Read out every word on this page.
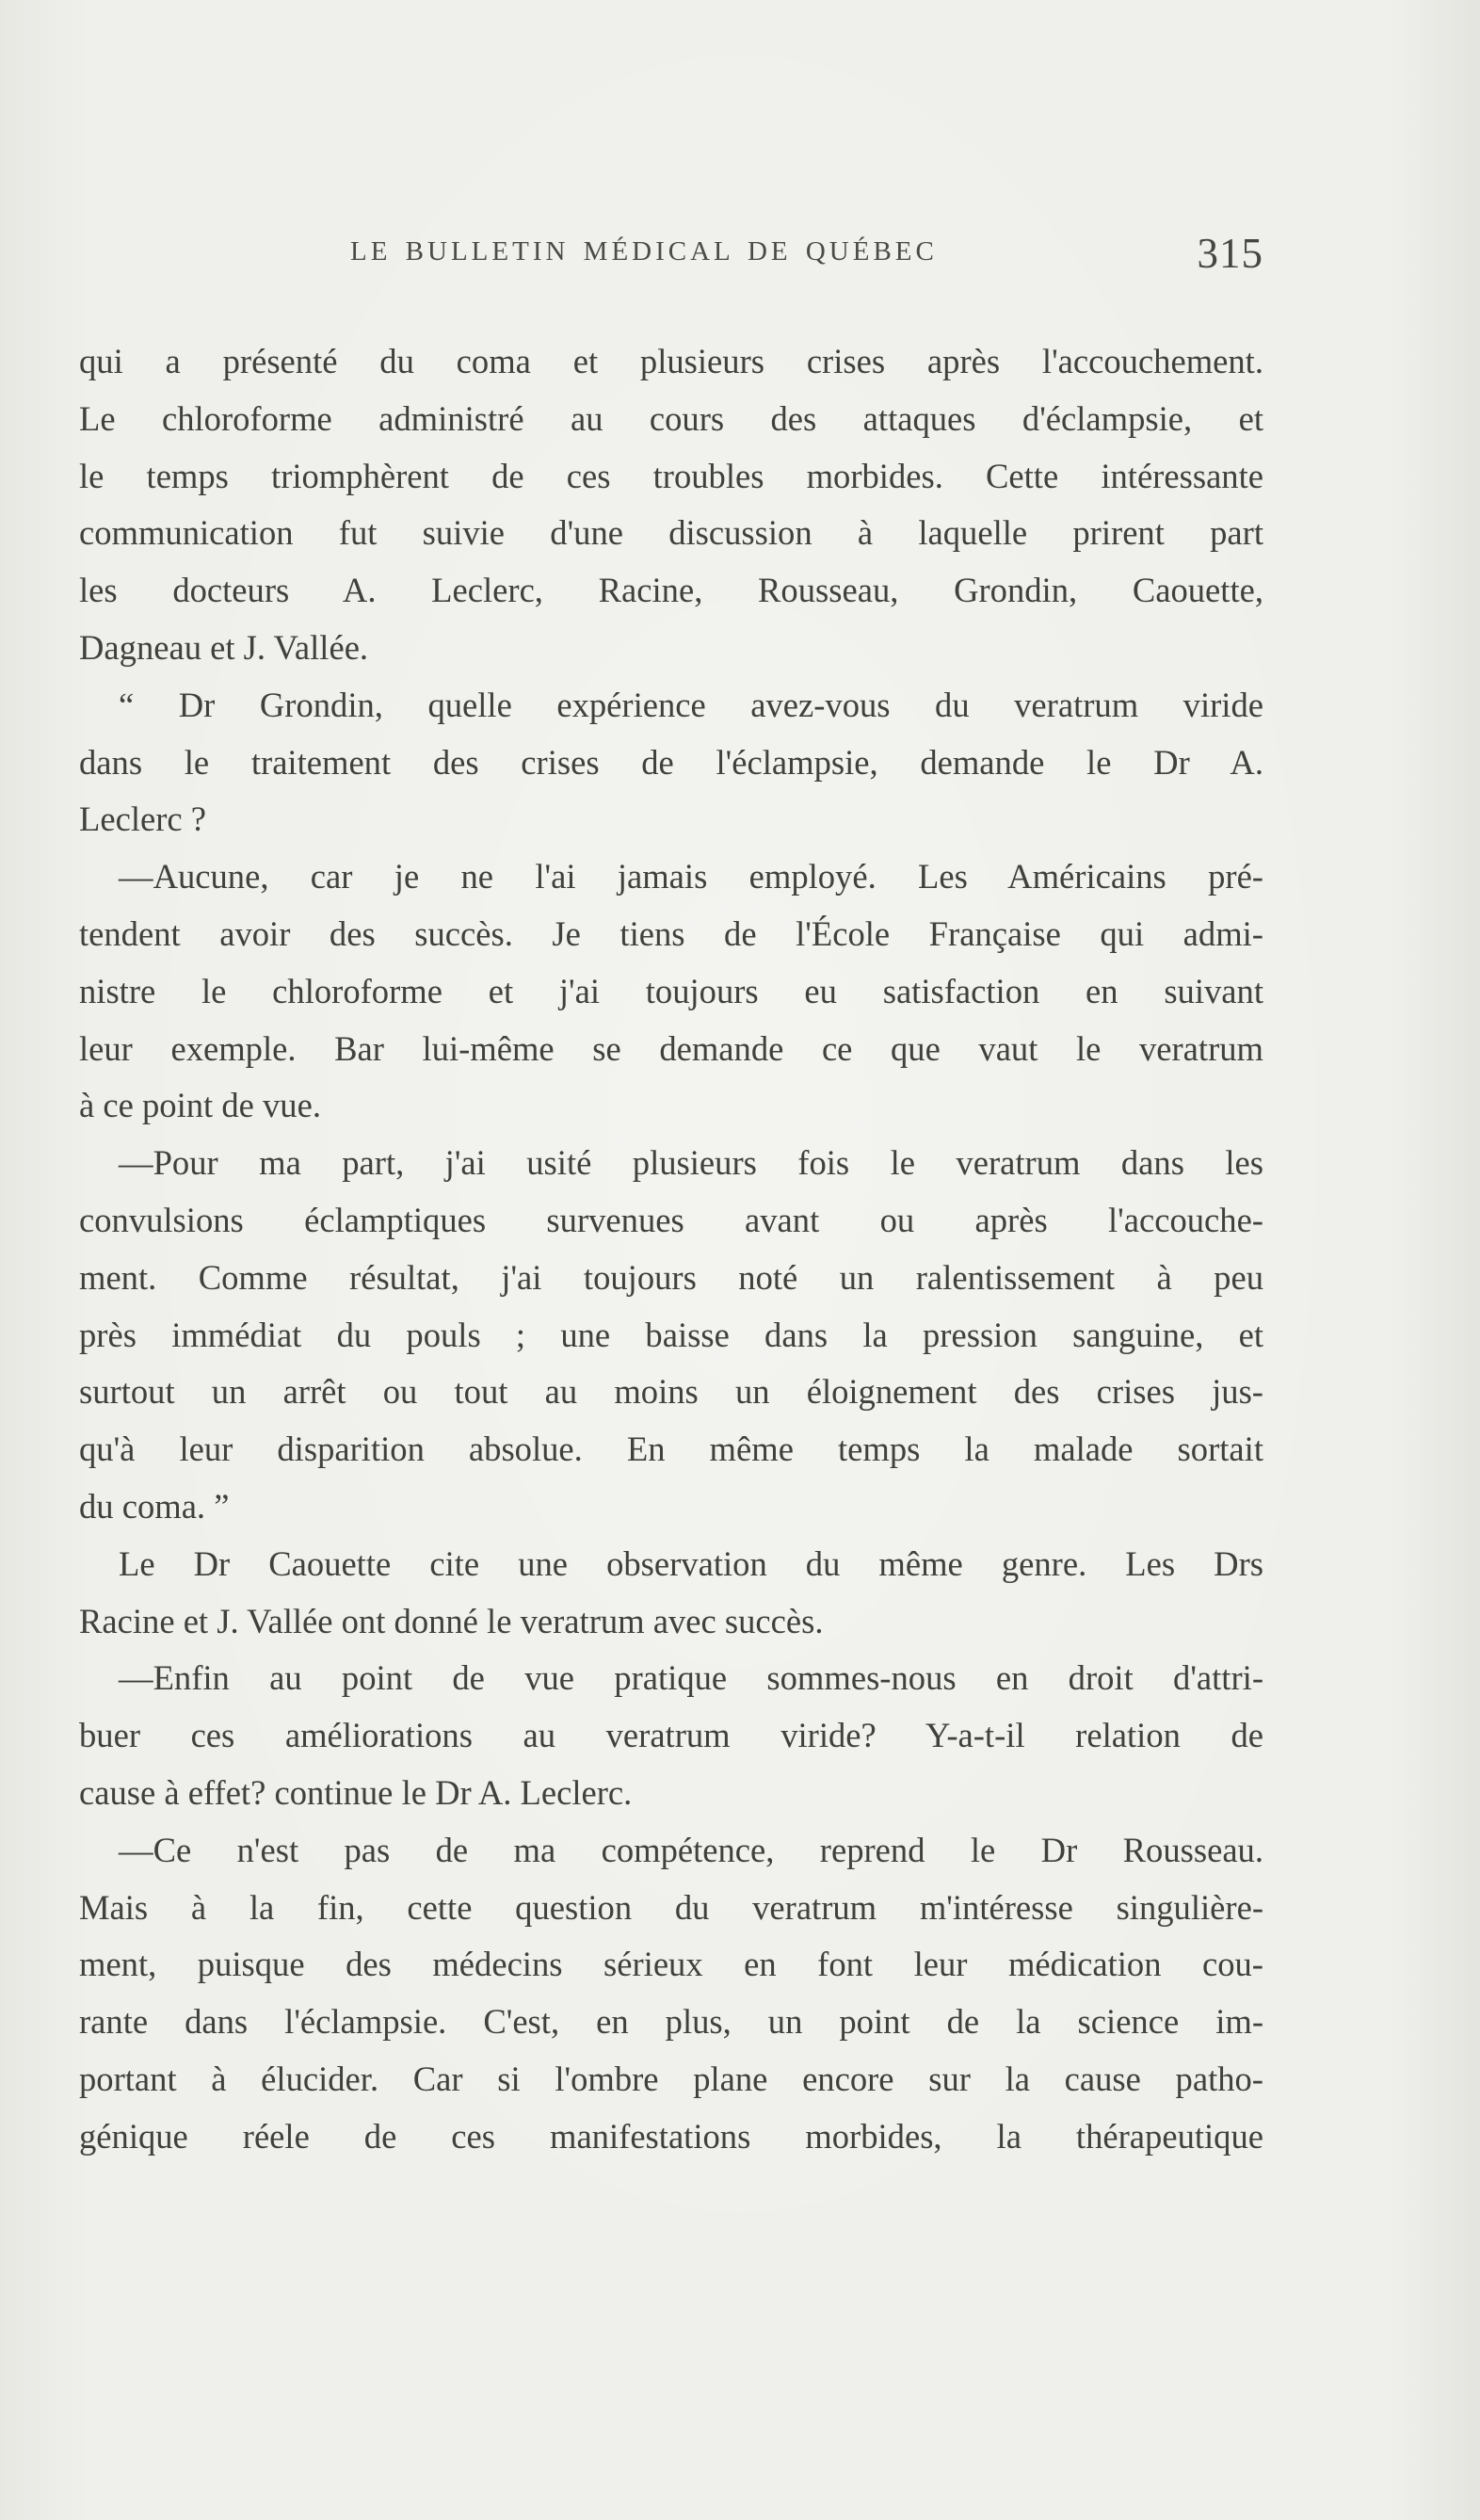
LE BULLETIN MÉDICAL DE QUÉBEC	315
qui a présenté du coma et plusieurs crises après l'accouchement.
Le chloroforme administré au cours des attaques d'éclampsie, et
le temps triomphèrent de ces troubles morbides. Cette intéressante
communication fut suivie d'une discussion à laquelle prirent part
les docteurs A. Leclerc, Racine, Rousseau, Grondin, Caouette,
Dagneau et J. Vallée.
“ Dr Grondin, quelle expérience avez-vous du veratrum viride
dans le traitement des crises de l'éclampsie, demande le Dr A.
Leclerc ?
—Aucune, car je ne l'ai jamais employé. Les Américains pré-
tendent avoir des succès. Je tiens de l'École Française qui admi-
nistre le chloroforme et j'ai toujours eu satisfaction en suivant
leur exemple. Bar lui-même se demande ce que vaut le veratrum
à ce point de vue.
—Pour ma part, j'ai usité plusieurs fois le veratrum dans les
convulsions éclamptiques survenues avant ou après l'accouche-
ment. Comme résultat, j'ai toujours noté un ralentissement à peu
près immédiat du pouls ; une baisse dans la pression sanguine, et
surtout un arrêt ou tout au moins un éloignement des crises jus-
qu'à leur disparition absolue. En même temps la malade sortait
du coma. ”
Le Dr Caouette cite une observation du même genre. Les Drs
Racine et J. Vallée ont donné le veratrum avec succès.
—Enfin au point de vue pratique sommes-nous en droit d'attri-
buer ces améliorations au veratrum viride? Y-a-t-il relation de
cause à effet? continue le Dr A. Leclerc.
—Ce n'est pas de ma compétence, reprend le Dr Rousseau.
Mais à la fin, cette question du veratrum m'intéresse singulière-
ment, puisque des médecins sérieux en font leur médication cou-
rante dans l'éclampsie. C'est, en plus, un point de la science im-
portant à élucider. Car si l'ombre plane encore sur la cause patho-
génique réele de ces manifestations morbides, la thérapeutique
